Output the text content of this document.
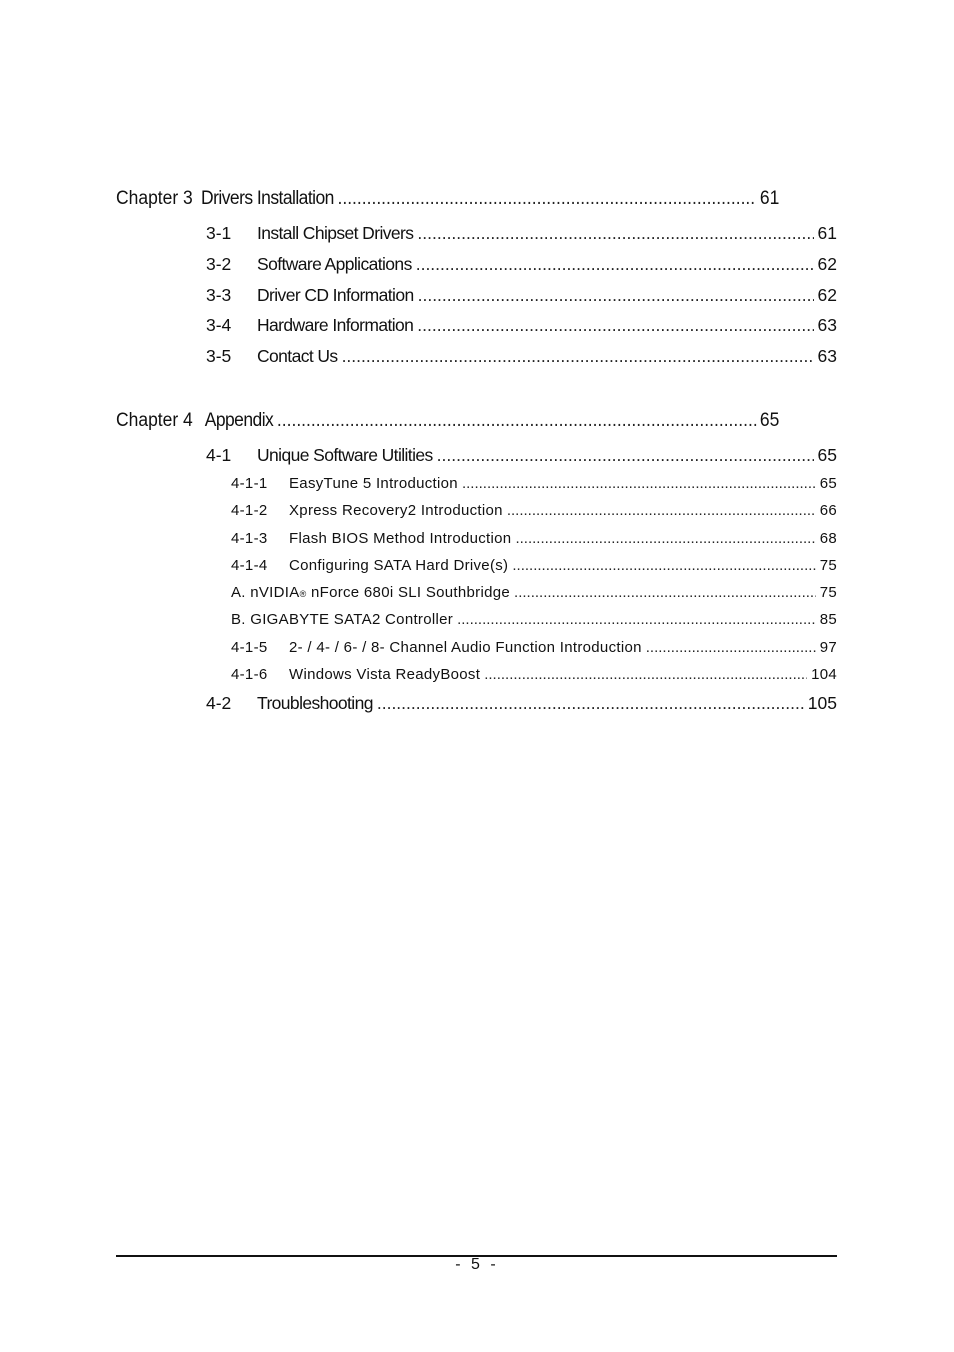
Chapter 3 Drivers Installation .....	61
3-1	Install Chipset Drivers .....	61
3-2	Software Applications .....	62
3-3	Driver CD Information .....	62
3-4	Hardware Information .....	63
3-5	Contact Us .....	63
Chapter 4 Appendix .....	65
4-1	Unique Software Utilities .....	65
4-1-1	EasyTune 5 Introduction .....	65
4-1-2	Xpress Recovery2 Introduction .....	66
4-1-3	Flash BIOS Method Introduction .....	68
4-1-4	Configuring SATA Hard Drive(s) .....	75
A. nVIDIA ® nForce 680i SLI Southbridge .....	75
B. GIGABYTE SATA2 Controller .....	85
4-1-5	2- / 4- / 6- / 8- Channel Audio Function Introduction .....	97
4-1-6	Windows Vista ReadyBoost .....	104
4-2	Troubleshooting .....	105
- 5 -
